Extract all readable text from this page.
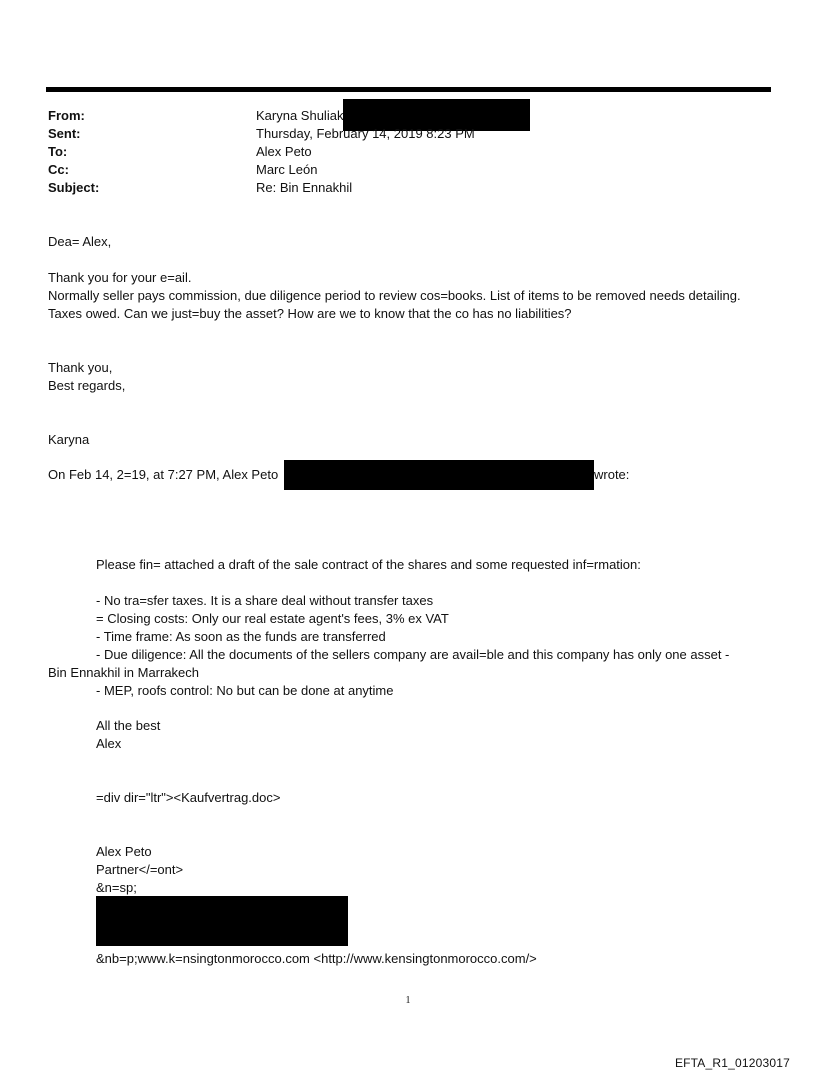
From:	Karyna Shuliak
Sent:	Thursday, February 14, 2019 8:23 PM
To:	Alex Peto
Cc:	Marc León
Subject:	Re: Bin Ennakhil
Dea= Alex,
Thank you for your e=ail.
Normally seller pays commission, due diligence period to review cos=books. List of items to be removed needs detailing.
Taxes owed. Can we just=buy the asset? How are we to know that the co has no liabilities?
Thank you,
Best regards,
Karyna
On Feb 14, 2=19, at 7:27 PM, Alex Peto	wrote:
Please fin= attached a draft of the sale contract of the shares and some requested inf=rmation:
- No tra=sfer taxes. It is a share deal without transfer taxes
= Closing costs: Only our real estate agent's fees, 3% ex VAT
- Time frame: As soon as the funds are transferred
- Due diligence: All the documents of the sellers company are avail=ble and this company has only one asset -
Bin Ennakhil in Marrakech
- MEP, roofs control: No but can be done at anytime
All the best
Alex
=div dir="ltr"><Kaufvertrag.doc>
Alex Peto
Partner</=ont>
&n=sp;
&nb=p;www.k=nsingtonmorocco.com <http://www.kensingtonmorocco.com/>
1
EFTA_R1_01203017
